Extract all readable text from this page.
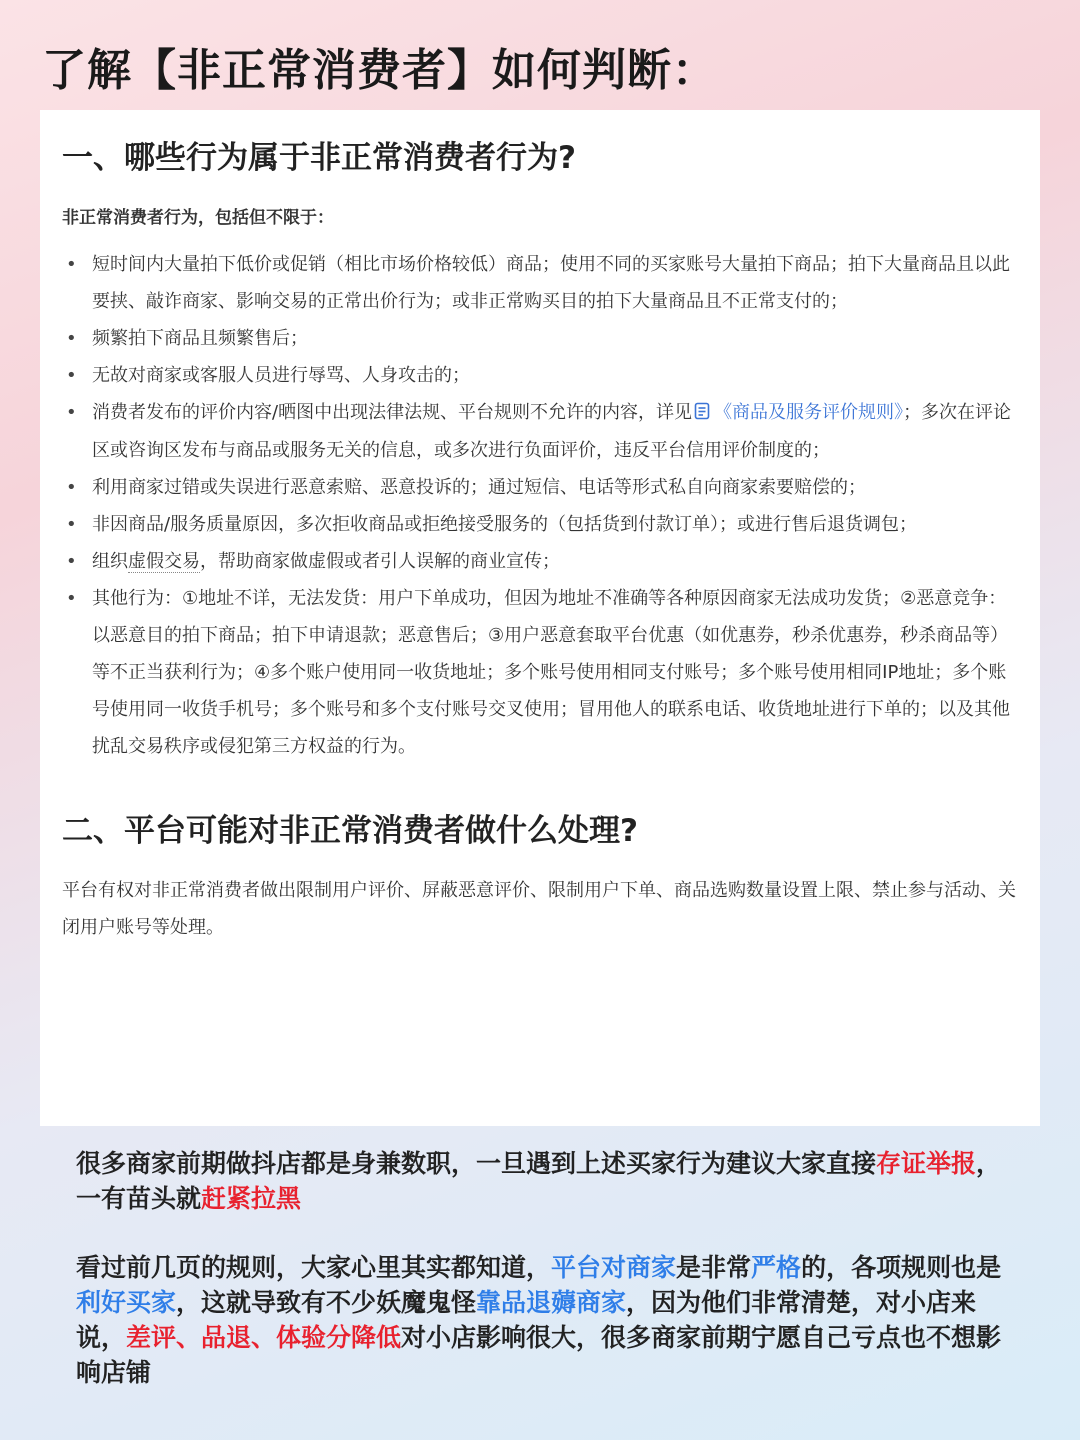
了解【非正常消费者】如何判断：
一、哪些行为属于非正常消费者行为?
非正常消费者行为，包括但不限于：
• 短时间内大量拍下低价或促销（相比市场价格较低）商品；使用不同的买家账号大量拍下商品；拍下大量商品且以此要挟、敲诈商家、影响交易的正常出价行为；或非正常购买目的拍下大量商品且不正常支付的；
• 频繁拍下商品且频繁售后；
• 无故对商家或客服人员进行辱骂、人身攻击的；
• 消费者发布的评价内容/晒图中出现法律法规、平台规则不允许的内容，详见 《商品及服务评价规则》；多次在评论区或咨询区发布与商品或服务无关的信息，或多次进行负面评价，违反平台信用评价制度的；
• 利用商家过错或失误进行恶意索赔、恶意投诉的；通过短信、电话等形式私自向商家索要赔偿的；
• 非因商品/服务质量原因，多次拒收商品或拒绝接受服务的（包括货到付款订单）；或进行售后退货调包；
• 组织虚假交易，帮助商家做虚假或者引人误解的商业宣传；
• 其他行为：①地址不详，无法发货：用户下单成功，但因为地址不准确等各种原因商家无法成功发货；②恶意竞争：以恶意目的拍下商品；拍下申请退款；恶意售后；③用户恶意套取平台优惠（如优惠券，秒杀优惠券，秒杀商品等）等不正当获利行为；④多个账户使用同一收货地址；多个账号使用相同支付账号；多个账号使用相同IP地址；多个账号使用同一收货手机号；多个账号和多个支付账号交叉使用；冒用他人的联系电话、收货地址进行下单的；以及其他扰乱交易秩序或侵犯第三方权益的行为。
二、平台可能对非正常消费者做什么处理?

平台有权对非正常消费者做出限制用户评价、屏蔽恶意评价、限制用户下单、商品选购数量设置上限、禁止参与活动、关闭用户账号等处理。

很多商家前期做抖店都是身兼数职，一旦遇到上述买家行为建议大家直接存证举报，一有苗头就赶紧拉黑

看过前几页的规则，大家心里其实都知道，平台对商家是非常严格的，各项规则也是利好买家，这就导致有不少妖魔鬼怪靠品退薅商家，因为他们非常清楚，对小店来说，差评、品退、体验分降低对小店影响很大，很多商家前期宁愿自己亏点也不想影响店铺
